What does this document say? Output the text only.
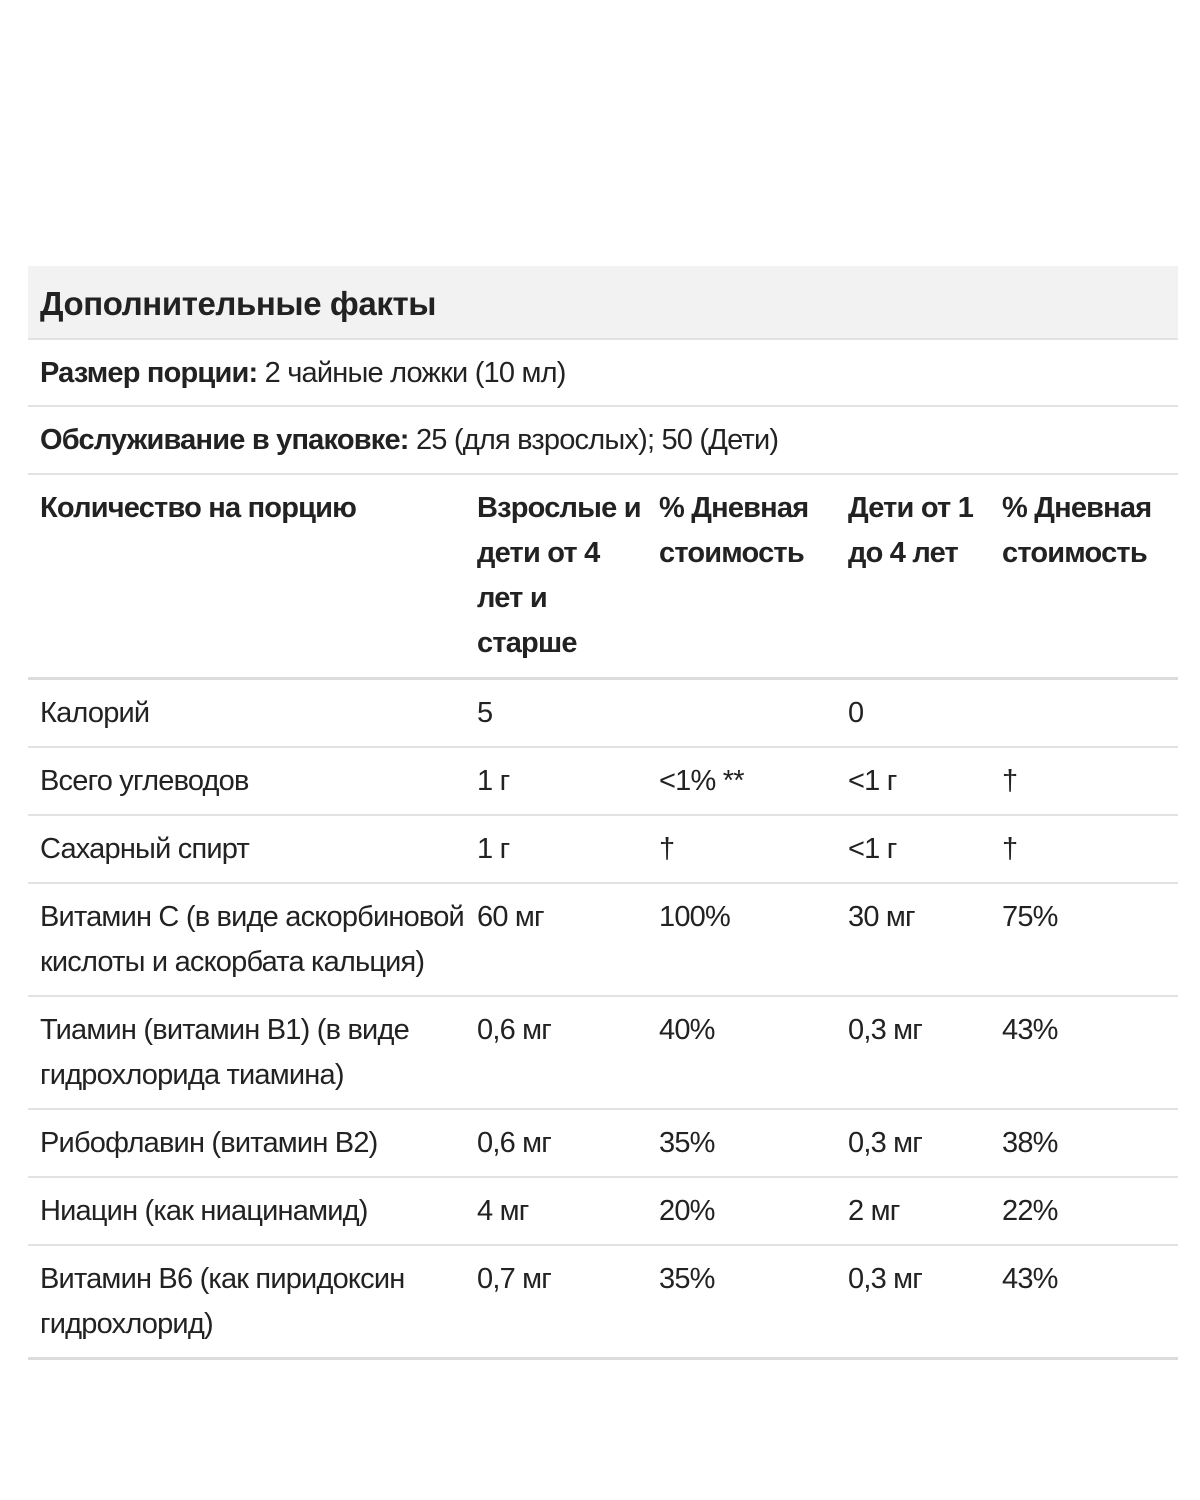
Дополнительные факты
Размер порции: 2 чайные ложки (10 мл)
Обслуживание в упаковке: 25 (для взрослых); 50 (Дети)
Количество на порцию	Взрослые и дети от 4 лет и старше	% Дневная стоимость	Дети от 1 до 4 лет	% Дневная стоимость
Калорий	5		0	
Всего углеводов	1 г	<1% **	<1 г	†
Сахарный спирт	1 г	†	<1 г	†
Витамин С (в виде аскорбиновой кислоты и аскорбата кальция)	60 мг	100%	30 мг	75%
Тиамин (витамин В1) (в виде гидрохлорида тиамина)	0,6 мг	40%	0,3 мг	43%
Рибофлавин (витамин В2)	0,6 мг	35%	0,3 мг	38%
Ниацин (как ниацинамид)	4 мг	20%	2 мг	22%
Витамин В6 (как пиридоксин гидрохлорид)	0,7 мг	35%	0,3 мг	43%
